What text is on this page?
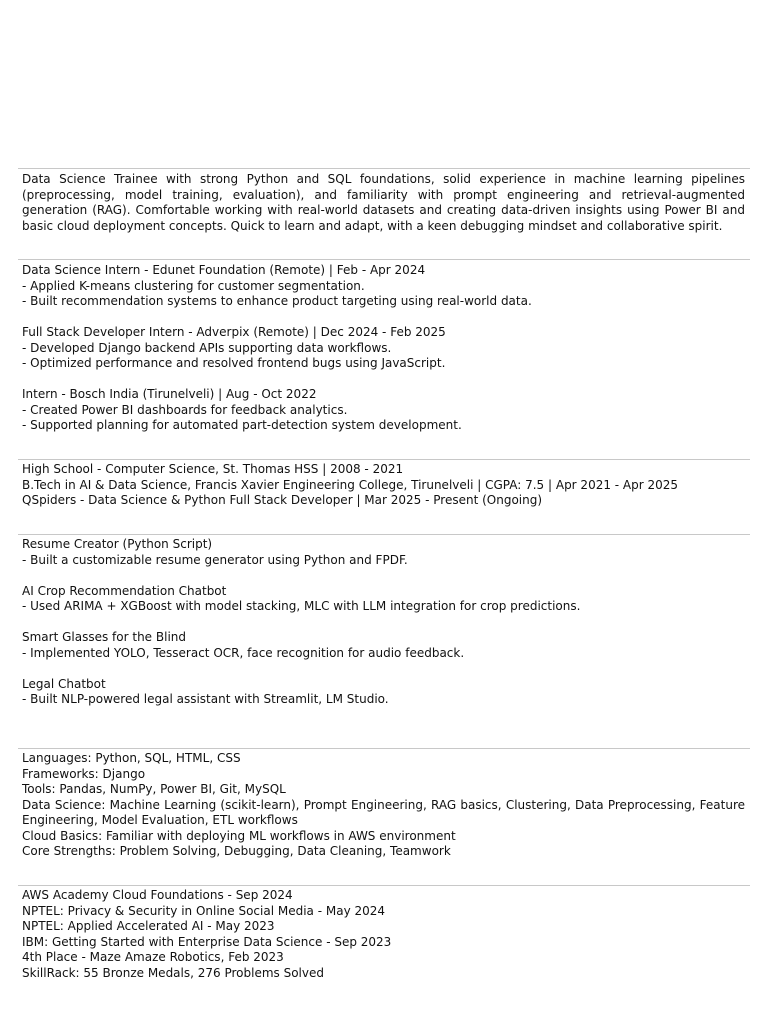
Data Science Trainee with strong Python and SQL foundations, solid experience in machine learning pipelines (preprocessing, model training, evaluation), and familiarity with prompt engineering and retrieval-augmented generation (RAG). Comfortable working with real-world datasets and creating data-driven insights using Power BI and basic cloud deployment concepts. Quick to learn and adapt, with a keen debugging mindset and collaborative spirit.
Data Science Intern - Edunet Foundation (Remote) | Feb - Apr 2024
- Applied K-means clustering for customer segmentation.
- Built recommendation systems to enhance product targeting using real-world data.
Full Stack Developer Intern - Adverpix (Remote) | Dec 2024 - Feb 2025
- Developed Django backend APIs supporting data workflows.
- Optimized performance and resolved frontend bugs using JavaScript.
Intern - Bosch India (Tirunelveli) | Aug - Oct 2022
- Created Power BI dashboards for feedback analytics.
- Supported planning for automated part-detection system development.
High School - Computer Science, St. Thomas HSS | 2008 - 2021
B.Tech in AI & Data Science, Francis Xavier Engineering College, Tirunelveli | CGPA: 7.5 | Apr 2021 - Apr 2025
QSpiders - Data Science & Python Full Stack Developer | Mar 2025 - Present (Ongoing)
Resume Creator (Python Script)
- Built a customizable resume generator using Python and FPDF.
AI Crop Recommendation Chatbot
- Used ARIMA + XGBoost with model stacking, MLC with LLM integration for crop predictions.
Smart Glasses for the Blind
- Implemented YOLO, Tesseract OCR, face recognition for audio feedback.
Legal Chatbot
- Built NLP-powered legal assistant with Streamlit, LM Studio.
Languages: Python, SQL, HTML, CSS
Frameworks: Django
Tools: Pandas, NumPy, Power BI, Git, MySQL
Data Science: Machine Learning (scikit-learn), Prompt Engineering, RAG basics, Clustering, Data Preprocessing, Feature Engineering, Model Evaluation, ETL workflows
Cloud Basics: Familiar with deploying ML workflows in AWS environment
Core Strengths: Problem Solving, Debugging, Data Cleaning, Teamwork
AWS Academy Cloud Foundations - Sep 2024
NPTEL: Privacy & Security in Online Social Media - May 2024
NPTEL: Applied Accelerated AI - May 2023
IBM: Getting Started with Enterprise Data Science - Sep 2023
4th Place - Maze Amaze Robotics, Feb 2023
SkillRack: 55 Bronze Medals, 276 Problems Solved
